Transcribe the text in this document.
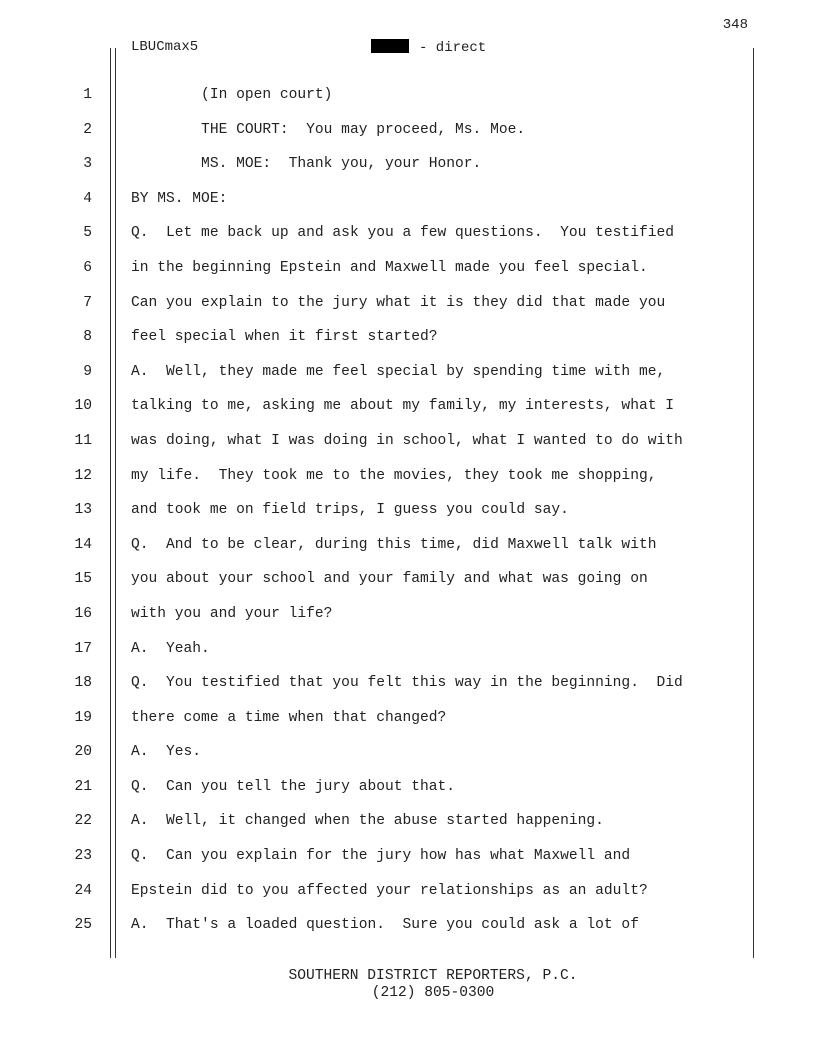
348
LBUCmax5	- direct
1	(In open court)
2	THE COURT:  You may proceed, Ms. Moe.
3	MS. MOE:  Thank you, your Honor.
4	BY MS. MOE:
5	Q.  Let me back up and ask you a few questions.  You testified
6	in the beginning Epstein and Maxwell made you feel special.
7	Can you explain to the jury what it is they did that made you
8	feel special when it first started?
9	A.  Well, they made me feel special by spending time with me,
10	talking to me, asking me about my family, my interests, what I
11	was doing, what I was doing in school, what I wanted to do with
12	my life.  They took me to the movies, they took me shopping,
13	and took me on field trips, I guess you could say.
14	Q.  And to be clear, during this time, did Maxwell talk with
15	you about your school and your family and what was going on
16	with you and your life?
17	A.  Yeah.
18	Q.  You testified that you felt this way in the beginning.  Did
19	there come a time when that changed?
20	A.  Yes.
21	Q.  Can you tell the jury about that.
22	A.  Well, it changed when the abuse started happening.
23	Q.  Can you explain for the jury how has what Maxwell and
24	Epstein did to you affected your relationships as an adult?
25	A.  That's a loaded question.  Sure you could ask a lot of
SOUTHERN DISTRICT REPORTERS, P.C.
(212) 805-0300
